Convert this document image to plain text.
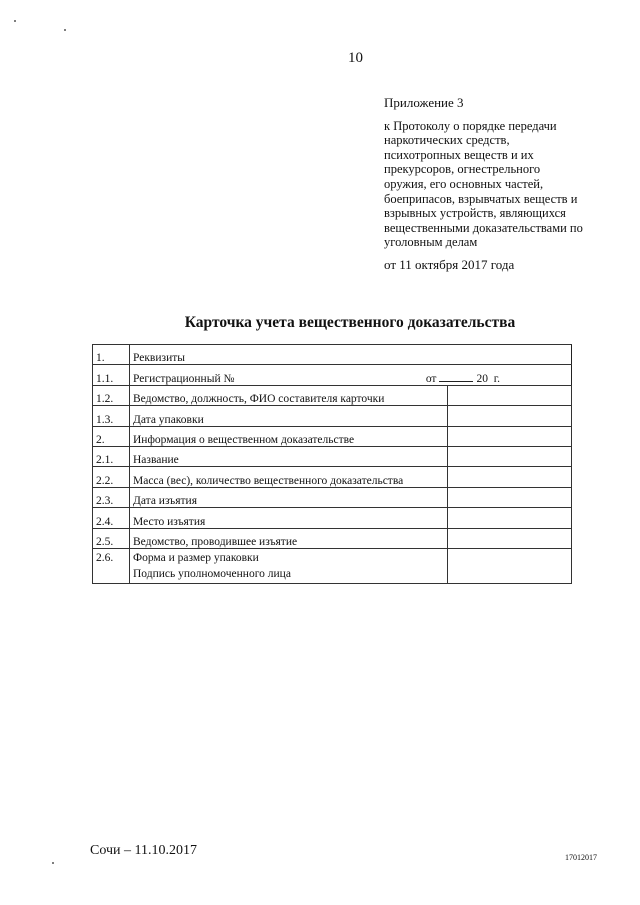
10
Приложение 3
к Протоколу о порядке передачи
наркотических средств,
психотропных веществ и их
прекурсоров, огнестрельного
оружия, его основных частей,
боеприпасов, взрывчатых веществ и
взрывных устройств, являющихся
вещественными доказательствами по
уголовным делам
от 11 октября 2017 года
Карточка учета вещественного доказательства
1.	Реквизиты	
1.1.	Регистрационный № от 20 г.	

1.2.	Ведомство, должность, ФИО составителя карточки	
1.3.	Дата упаковки	
2.	Информация о вещественном доказательстве	
2.1.	Название	
2.2.	Масса (вес), количество вещественного доказательства	
2.3.	Дата изъятия	
2.4.	Место изъятия	
2.5.	Ведомство, проводившее изъятие	
2.6.	Форма и размер упаковки
Подпись уполномоченного лица	

Сочи – 11.10.2017	17012017
